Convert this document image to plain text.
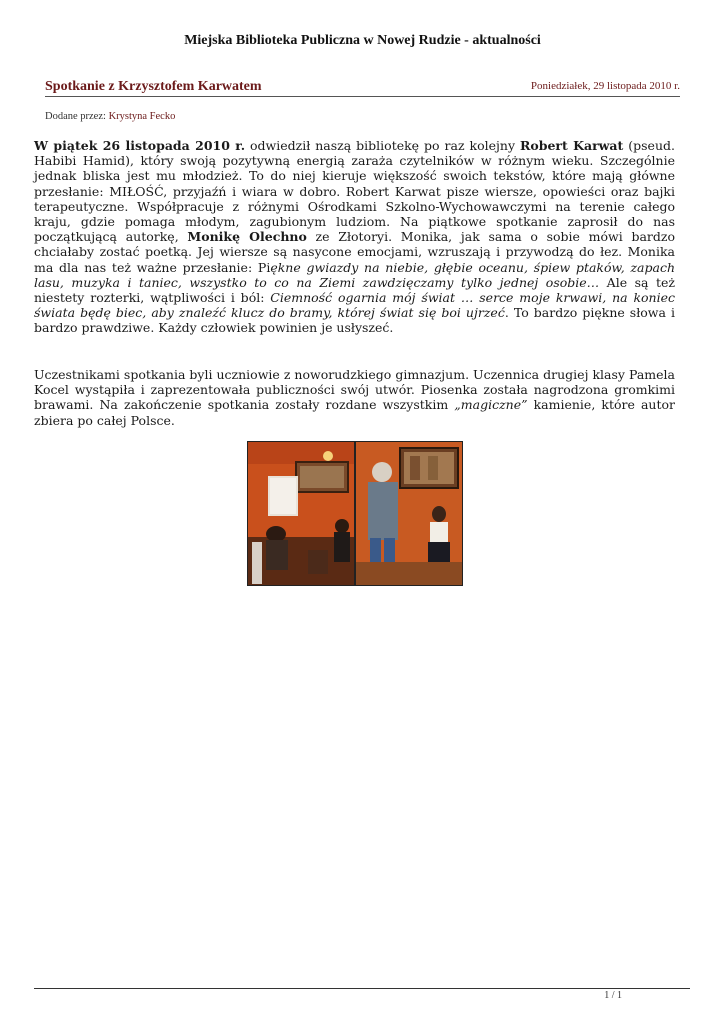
Miejska Biblioteka Publiczna w Nowej Rudzie - aktualności
Spotkanie z Krzysztofem Karwatem	Poniedziałek, 29 listopada 2010 r.
Dodane przez: Krystyna Fecko

W piątek 26 listopada 2010 r. odwiedził naszą bibliotekę po raz kolejny Robert Karwat (pseud. Habibi Hamid), który swoją pozytywną energią zaraża czytelników w różnym wieku. Szczególnie jednak bliska jest mu młodzież. To do niej kieruje większość swoich tekstów, które mają główne przesłanie: MIŁOŚĆ, przyjaźń i wiara w dobro. Robert Karwat pisze wiersze, opowieści oraz bajki terapeutyczne. Współpracuje z różnymi Ośrodkami Szkolno-Wychowawczymi na terenie całego kraju, gdzie pomaga młodym, zagubionym ludziom. Na piątkowe spotkanie zaprosił do nas początkującą autorkę, Monikę Olechno ze Złotoryi. Monika, jak sama o sobie mówi bardzo chciałaby zostać poetką. Jej wiersze są nasycone emocjami, wzruszają i przywodzą do łez. Monika ma dla nas też ważne przesłanie: Piękne gwiazdy na niebie, głębie oceanu, śpiew ptaków, zapach lasu, muzyka i taniec, wszystko to co na Ziemi zawdzięczamy tylko jednej osobie… Ale są też niestety rozterki, wątpliwości i ból: Ciemność ogarnia mój świat … serce moje krwawi, na koniec świata będę biec, aby znaleźć klucz do bramy, której świat się boi ujrzeć. To bardzo piękne słowa i bardzo prawdziwe. Każdy człowiek powinien je usłyszeć.

Uczestnikami spotkania byli uczniowie z noworudzkiego gimnazjum. Uczennica drugiej klasy Pamela Kocel wystąpiła i zaprezentowała publiczności swój utwór. Piosenka została nagrodzona gromkimi brawami. Na zakończenie spotkania zostały rozdane wszystkim „magiczne” kamienie, które autor zbiera po całej Polsce.

1 / 1
